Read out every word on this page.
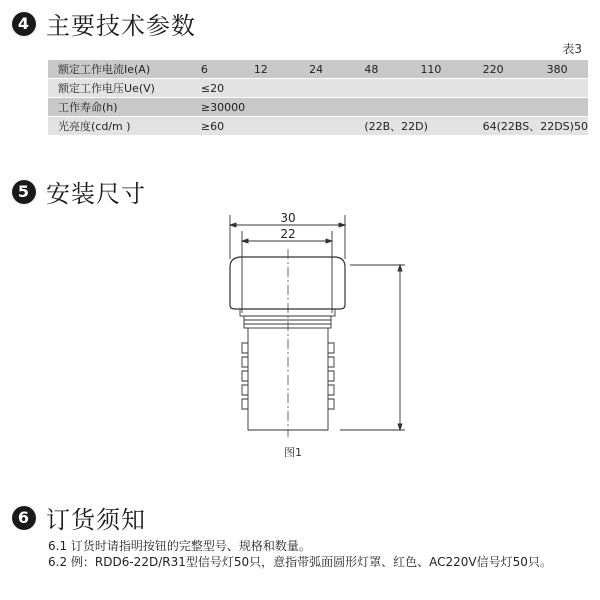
4 主要技术参数
表3
额定工作电流Ie(A)	6	12	24	48	110	220	380
额定工作电压Ue(V)	≤20						
工作寿命(h)	≥30000						
光亮度(cd/m )	≥60			(22B、22D)		64(22BS、22DS)50	
5 安装尺寸
30
22
图1
6 订货须知

6.1 订货时请指明按钮的完整型号、规格和数量。

6.2 例：RDD6-22D/R31型信号灯50只，意指带弧面圆形灯罩、红色、AC220V信号灯50只。
